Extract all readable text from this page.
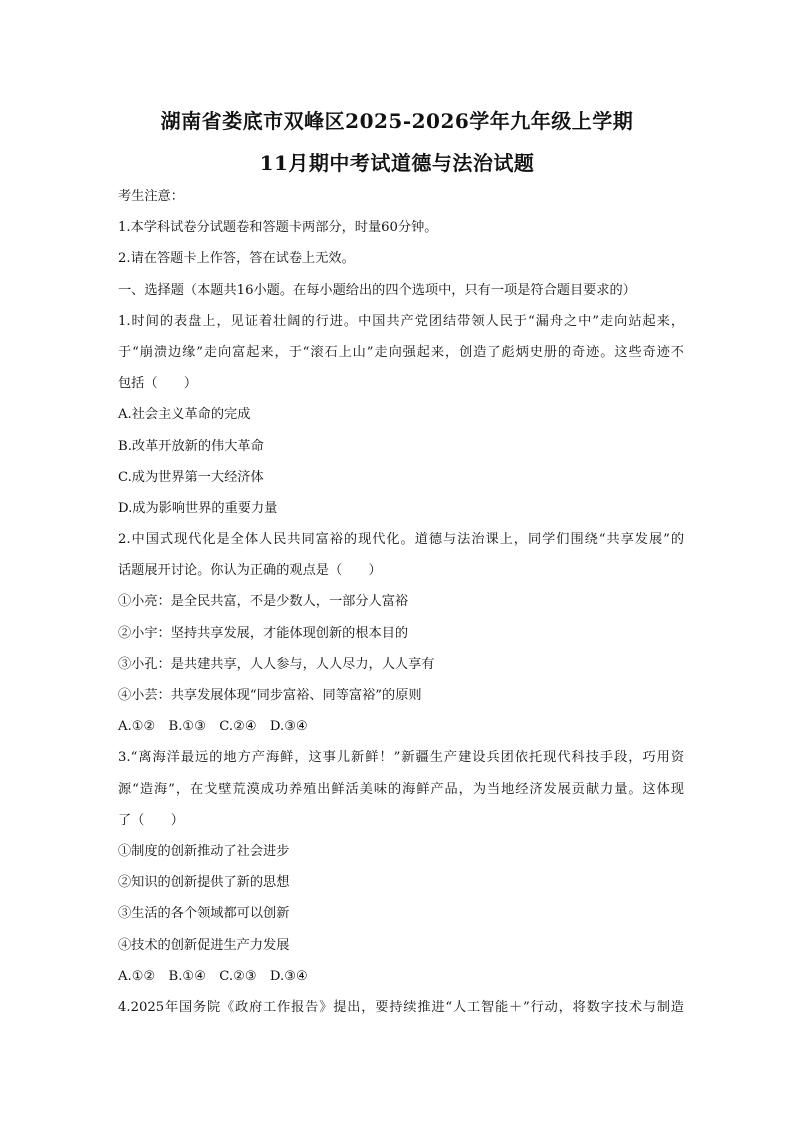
湖南省娄底市双峰区2025-2026学年九年级上学期
11月期中考试道德与法治试题
考生注意：
1.本学科试卷分试题卷和答题卡两部分，时量60分钟。
2.请在答题卡上作答，答在试卷上无效。
一、选择题（本题共16小题。在每小题给出的四个选项中，只有一项是符合题目要求的）
1.时间的表盘上，见证着壮阔的行进。中国共产党团结带领人民于“漏舟之中”走向站起来，
于“崩溃边缘”走向富起来，于“滚石上山”走向强起来，创造了彪炳史册的奇迹。这些奇迹不
包括（　　）
A.社会主义革命的完成
B.改革开放新的伟大革命
C.成为世界第一大经济体
D.成为影响世界的重要力量
2.中国式现代化是全体人民共同富裕的现代化。道德与法治课上，同学们围绕“共享发展”的
话题展开讨论。你认为正确的观点是（　　）
①小亮：是全民共富，不是少数人，一部分人富裕
②小宇：坚持共享发展，才能体现创新的根本目的
③小孔：是共建共享，人人参与，人人尽力，人人享有
④小芸：共享发展体现“同步富裕、同等富裕”的原则
A.①②　B.①③　C.②④　D.③④
3.“离海洋最远的地方产海鲜，这事儿新鲜！”新疆生产建设兵团依托现代科技手段，巧用资
源“造海”，在戈壁荒漠成功养殖出鲜活美味的海鲜产品，为当地经济发展贡献力量。这体现
了（　　）
①制度的创新推动了社会进步
②知识的创新提供了新的思想
③生活的各个领域都可以创新
④技术的创新促进生产力发展
A.①②　B.①④　C.②③　D.③④
4.2025年国务院《政府工作报告》提出，要持续推进“人工智能＋”行动，将数字技术与制造
